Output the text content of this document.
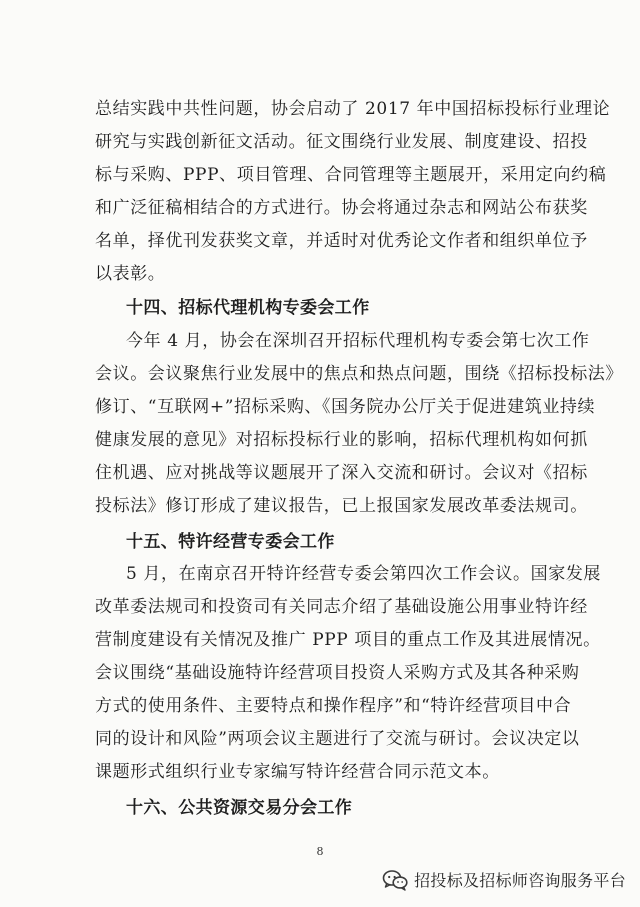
总结实践中共性问题，协会启动了 2017 年中国招标投标行业理论
研究与实践创新征文活动。征文围绕行业发展、制度建设、招投
标与采购、PPP、项目管理、合同管理等主题展开，采用定向约稿
和广泛征稿相结合的方式进行。协会将通过杂志和网站公布获奖
名单，择优刊发获奖文章，并适时对优秀论文作者和组织单位予
以表彰。
十四、招标代理机构专委会工作
今年 4 月，协会在深圳召开招标代理机构专委会第七次工作
会议。会议聚焦行业发展中的焦点和热点问题，围绕《招标投标法》
修订、“互联网+”招标采购、《国务院办公厅关于促进建筑业持续
健康发展的意见》对招标投标行业的影响，招标代理机构如何抓
住机遇、应对挑战等议题展开了深入交流和研讨。会议对《招标
投标法》修订形成了建议报告，已上报国家发展改革委法规司。
十五、特许经营专委会工作
5 月，在南京召开特许经营专委会第四次工作会议。国家发展
改革委法规司和投资司有关同志介绍了基础设施公用事业特许经
营制度建设有关情况及推广 PPP 项目的重点工作及其进展情况。
会议围绕“基础设施特许经营项目投资人采购方式及其各种采购
方式的使用条件、主要特点和操作程序”和“特许经营项目中合
同的设计和风险”两项会议主题进行了交流与研讨。会议决定以
课题形式组织行业专家编写特许经营合同示范文本。
十六、公共资源交易分会工作
8
招投标及招标师咨询服务平台
